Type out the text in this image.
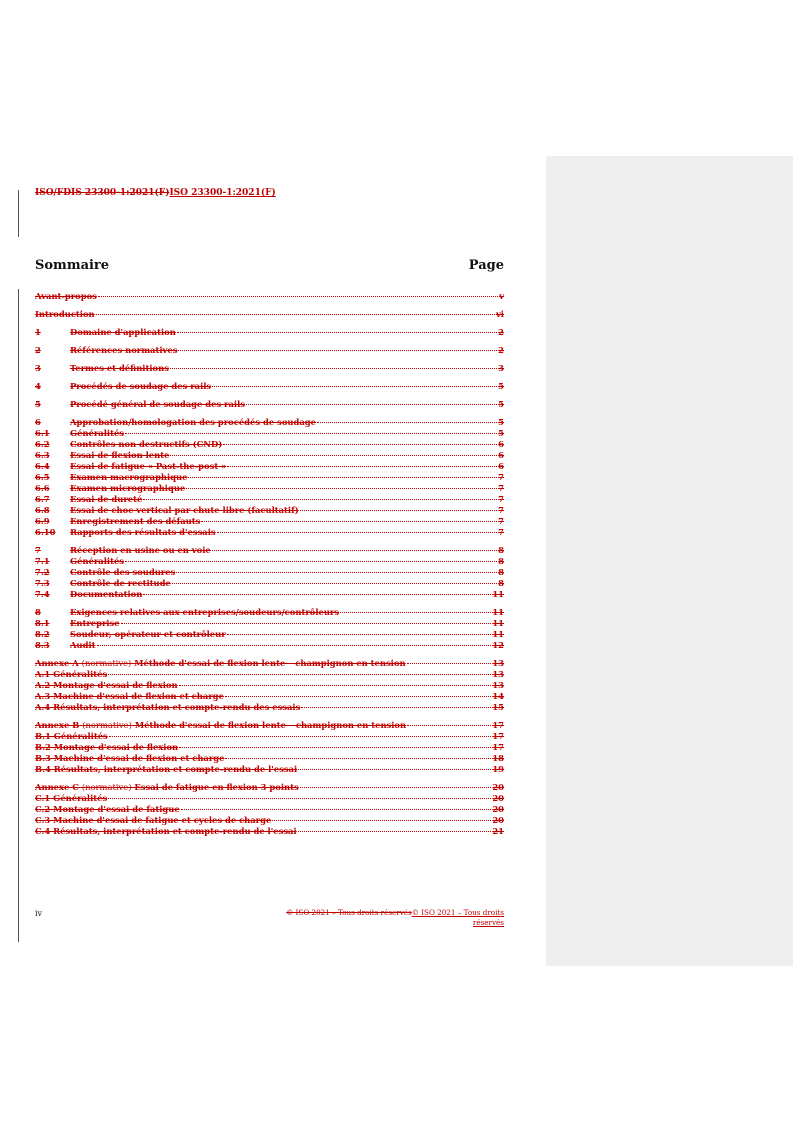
ISO/FDIS 23300-1:2021(F)ISO 23300-1:2021(F)
Sommaire	Page
Avant-propos	v
Introduction	vi
1	Domaine d'application	2
2	Références normatives	2
3	Termes et définitions	3
4	Procédés de soudage des rails	5
5	Procédé général de soudage des rails	5
6	Approbation/homologation des procédés de soudage	5
6.1	Généralités	5
6.2	Contrôles non destructifs (CND)	6
6.3	Essai de flexion lente	6
6.4	Essai de fatigue « Past-the-post »	6
6.5	Examen macrographique	7
6.6	Examen micrographique	7
6.7	Essai de dureté	7
6.8	Essai de choc vertical par chute libre (facultatif)	7
6.9	Enregistrement des défauts	7
6.10	Rapports des résultats d'essais	7
7	Réception en usine ou en voie	8
7.1	Généralités	8
7.2	Contrôle des soudures	8
7.3	Contrôle de rectitude	8
7.4	Documentation	11
8	Exigences relatives aux entreprises/soudeurs/contrôleurs	11
8.1	Entreprise	11
8.2	Soudeur, opérateur et contrôleur	11
8.3	Audit	12
Annexe A (normative) Méthode d'essai de flexion lente – champignon en tension	13
A.1 Généralités	13
A.2 Montage d'essai de flexion	13
A.3 Machine d'essai de flexion et charge	14
A.4 Résultats, interprétation et compte-rendu des essais	15
Annexe B (normative) Méthode d'essai de flexion lente – champignon en tension	17
B.1 Généralités	17
B.2 Montage d'essai de flexion	17
B.3 Machine d'essai de flexion et charge	18
B.4 Résultats, interprétation et compte-rendu de l'essai	19
Annexe C (normative) Essai de fatigue en flexion 3 points	20
C.1 Généralités	20
C.2 Montage d'essai de fatigue	20
C.3 Machine d'essai de fatigue et cycles de charge	20
C.4 Résultats, interprétation et compte-rendu de l'essai	21
iv	© ISO 2021 – Tous droits réservés© ISO 2021 – Tous droits réservés
